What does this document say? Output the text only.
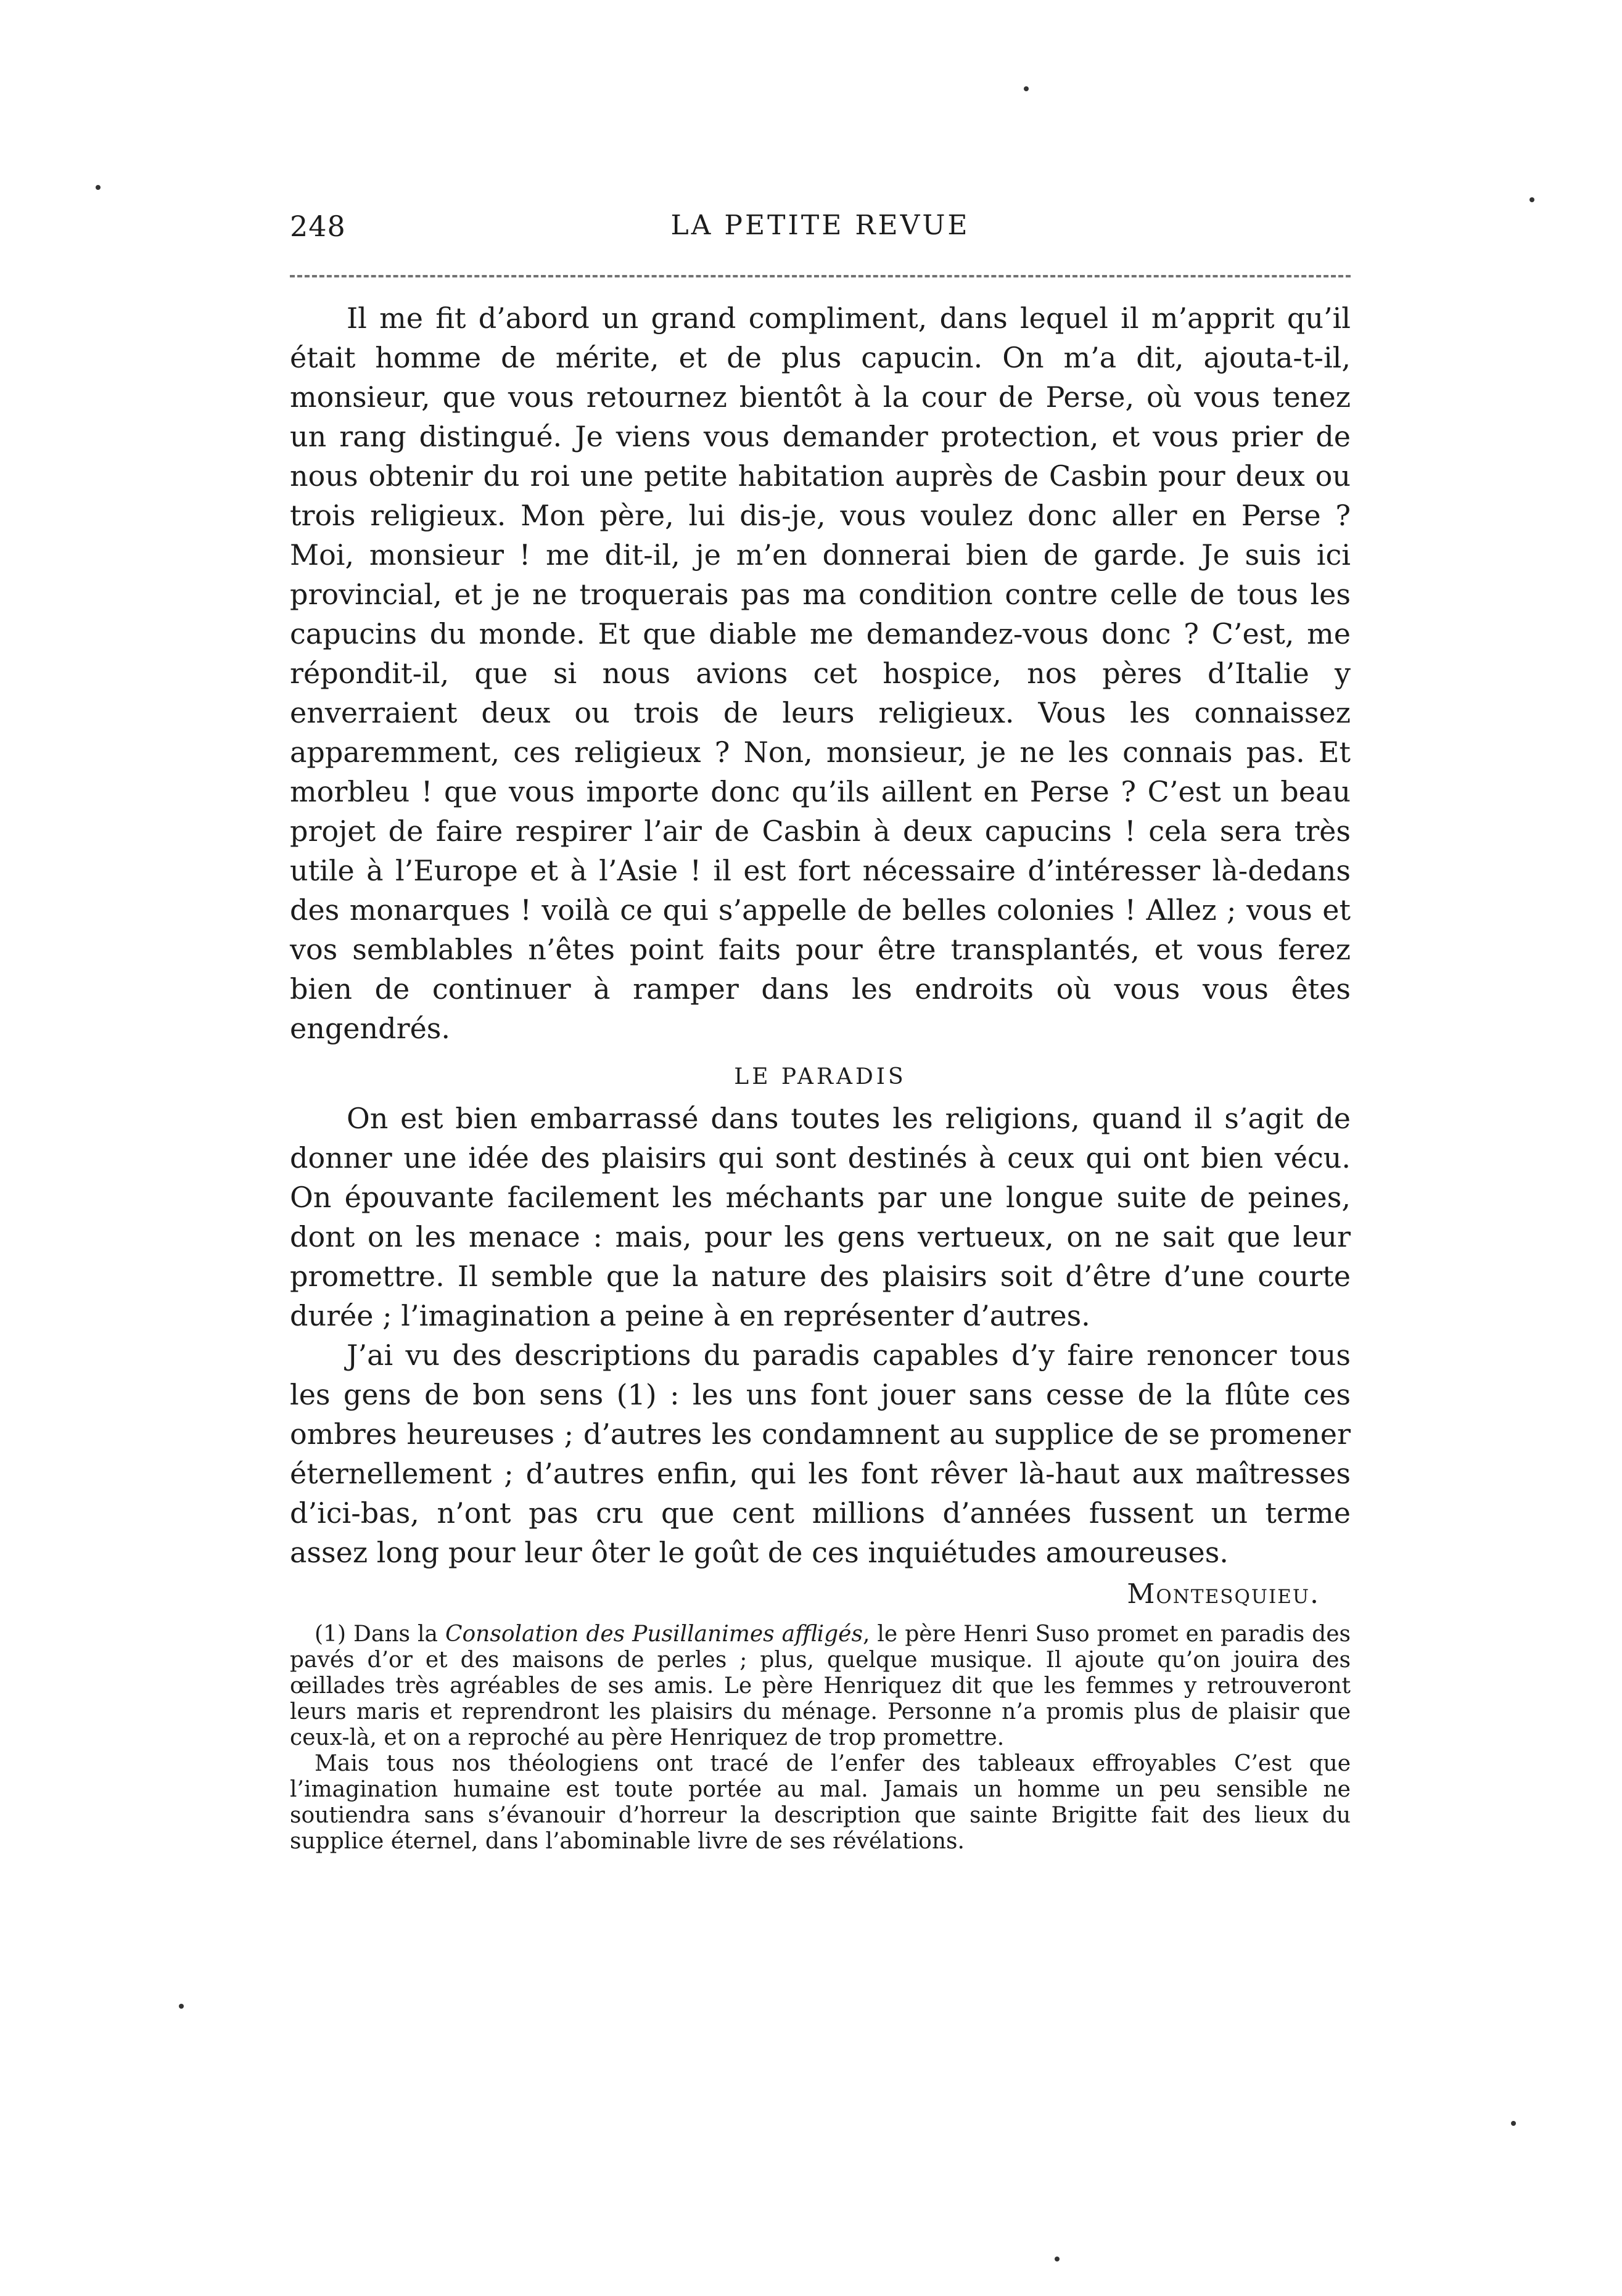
248	LA PETITE REVUE

Il me fit d’abord un grand compliment, dans lequel il m’apprit qu’il était homme de mérite, et de plus capucin. On m’a dit, ajouta-t-il, monsieur, que vous retournez bientôt à la cour de Perse, où vous tenez un rang distingué. Je viens vous demander protection, et vous prier de nous obtenir du roi une petite habitation auprès de Casbin pour deux ou trois religieux. Mon père, lui dis-je, vous voulez donc aller en Perse ? Moi, monsieur ! me dit-il, je m’en donnerai bien de garde. Je suis ici provincial, et je ne troquerais pas ma condition contre celle de tous les capucins du monde. Et que diable me demandez-vous donc ? C’est, me répondit-il, que si nous avions cet hospice, nos pères d’Italie y enverraient deux ou trois de leurs religieux. Vous les connaissez apparemment, ces religieux ? Non, monsieur, je ne les connais pas. Et morbleu ! que vous importe donc qu’ils aillent en Perse ? C’est un beau projet de faire respirer l’air de Casbin à deux capucins ! cela sera très utile à l’Europe et à l’Asie ! il est fort nécessaire d’intéresser là-dedans des monarques ! voilà ce qui s’appelle de belles colonies ! Allez ; vous et vos semblables n’êtes point faits pour être transplantés, et vous ferez bien de continuer à ramper dans les endroits où vous vous êtes engendrés.

LE PARADIS

On est bien embarrassé dans toutes les religions, quand il s’agit de donner une idée des plaisirs qui sont destinés à ceux qui ont bien vécu. On épouvante facilement les méchants par une longue suite de peines, dont on les menace : mais, pour les gens vertueux, on ne sait que leur promettre. Il semble que la nature des plaisirs soit d’être d’une courte durée ; l’imagination a peine à en représenter d’autres.

J’ai vu des descriptions du paradis capables d’y faire renoncer tous les gens de bon sens (1) : les uns font jouer sans cesse de la flûte ces ombres heureuses ; d’autres les condamnent au supplice de se promener éternellement ; d’autres enfin, qui les font rêver là-haut aux maîtresses d’ici-bas, n’ont pas cru que cent millions d’années fussent un terme assez long pour leur ôter le goût de ces inquiétudes amoureuses.

Montesquieu.

(1) Dans la Consolation des Pusillanimes affligés, le père Henri Suso promet en paradis des pavés d’or et des maisons de perles ; plus, quelque musique. Il ajoute qu’on jouira des œillades très agréables de ses amis. Le père Henriquez dit que les femmes y retrouveront leurs maris et reprendront les plaisirs du ménage. Personne n’a promis plus de plaisir que ceux-là, et on a reproché au père Henriquez de trop promettre.

Mais tous nos théologiens ont tracé de l’enfer des tableaux effroyables C’est que l’imagination humaine est toute portée au mal. Jamais un homme un peu sensible ne soutiendra sans s’évanouir d’horreur la description que sainte Brigitte fait des lieux du supplice éternel, dans l’abominable livre de ses révélations.
